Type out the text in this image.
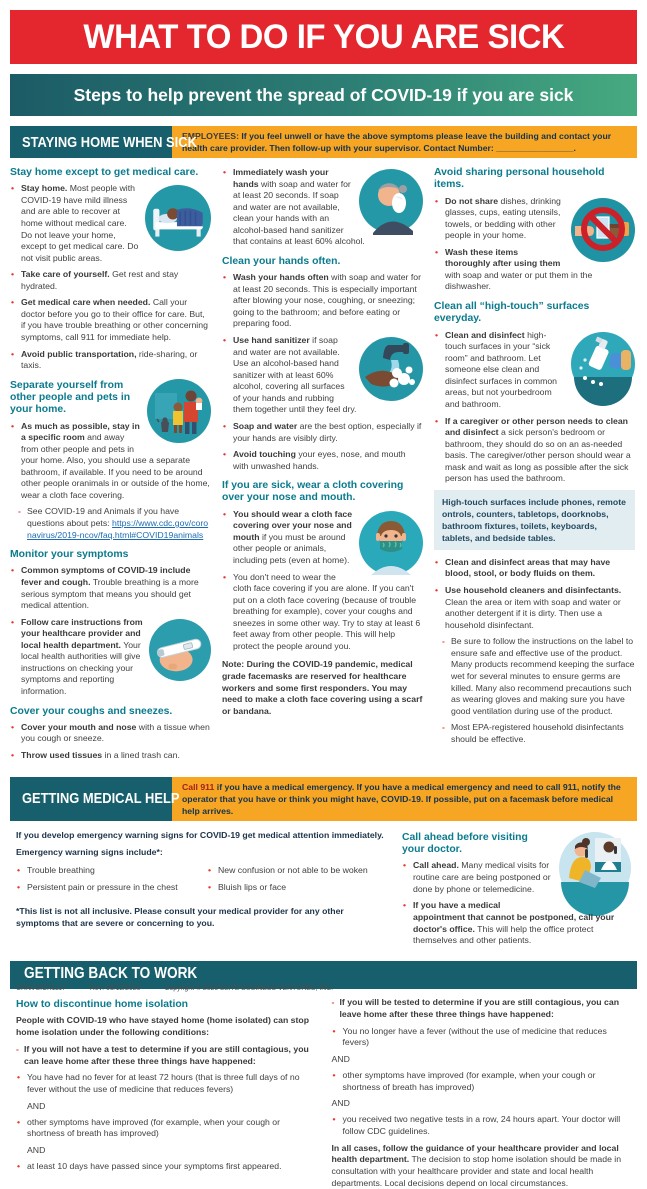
WHAT TO DO IF YOU ARE SICK
Steps to help prevent the spread of COVID-19 if you are sick
STAYING HOME WHEN SICK

EMPLOYEES: If you feel unwell or have the above symptoms please leave the building and contact your health care provider. Then follow-up with your supervisor. Contact Number: ________________.

Stay home except to get medical care.
• Stay home. Most people with COVID-19 have mild illness and are able to recover at home without medical care. Do not leave your home, except to get medical care. Do not visit public areas.
• Take care of yourself. Get rest and stay hydrated.
• Get medical care when needed. Call your doctor before you go to their office for care. But, if you have trouble breathing or other concerning symptoms, call 911 for immediate help.
• Avoid public transportation, ride-sharing, or taxis.
Separate yourself from other people and pets in your home.
• As much as possible, stay in a specific room and away from other people and pets in your home. Also, you should use a separate bathroom, if available. If you need to be around other people oranimals in or outside of the home, wear a cloth face covering.

- See COVID-19 and Animals if you have questions about pets: https://www.cdc.gov/coronavirus/2019-ncov/faq.html#COVID19animals

Monitor your symptoms
• Common symptoms of COVID-19 include fever and cough. Trouble breathing is a more serious symptom that means you should get medical attention.
• Follow care instructions from your healthcare provider and local health department. Your local health authorities will give instructions on checking your symptoms and reporting information.
Cover your coughs and sneezes.
• Cover your mouth and nose with a tissue when you cough or sneeze.
• Throw used tissues in a lined trash can.
• Immediately wash your hands with soap and water for at least 20 seconds. If soap and water are not available, clean your hands with an alcohol-based hand sanitizer that contains at least 60% alcohol.
Clean your hands often.
• Wash your hands often with soap and water for at least 20 seconds. This is especially important after blowing your nose, coughing, or sneezing; going to the bathroom; and before eating or preparing food.
• Use hand sanitizer if soap and water are not available. Use an alcohol-based hand sanitizer with at least 60% alcohol, covering all surfaces of your hands and rubbing them together until they feel dry.
• Soap and water are the best option, especially if your hands are visibly dirty.
• Avoid touching your eyes, nose, and mouth with unwashed hands.
If you are sick, wear a cloth covering over your nose and mouth.
• You should wear a cloth face covering over your nose and mouth if you must be around other people or animals, including pets (even at home).
• You don't need to wear the cloth face covering if you are alone. If you can't put on a cloth face covering (because of trouble breathing for example), cover your coughs and sneezes in some other way. Try to stay at least 6 feet away from other people. This will help protect the people around you.

Note: During the COVID-19 pandemic, medical grade facemasks are reserved for healthcare workers and some first responders. You may need to make a cloth face covering using a scarf or bandana.

Avoid sharing personal household items.
• Do not share dishes, drinking glasses, cups, eating utensils, towels, or bedding with other people in your home.
• Wash these items thoroughly after using them with soap and water or put them in the dishwasher.
Clean all “high-touch” surfaces everyday.
• Clean and disinfect high-touch surfaces in your “sick room” and bathroom. Let someone else clean and disinfect surfaces in common areas, but not yourbedroom and bathroom.
• If a caregiver or other person needs to clean and disinfect a sick person's bedroom or bathroom, they should do so on an as-needed basis. The caregiver/other person should wear a mask and wait as long as possible after the sick person has used the bathroom.
High-touch surfaces include phones, remote ontrols, counters, tabletops, doorknobs, bathroom fixtures, toilets, keyboards, tablets, and bedside tables.
• Clean and disinfect areas that may have blood, stool, or body fluids on them.
• Use household cleaners and disinfectants. Clean the area or item with soap and water or another detergent if it is dirty. Then use a household disinfectant.

- Be sure to follow the instructions on the label to ensure safe and effective use of the product. Many products recommend keeping the surface wet for several minutes to ensure germs are killed. Many also recommend precautions such as wearing gloves and making sure you have good ventilation during use of the product.

- Most EPA-registered household disinfectants should be effective.

GETTING MEDICAL HELP

Call 911 if you have a medical emergency. If you have a medical emergency and need to call 911, notify the operator that you have or think you might have, COVID-19. If possible, put on a facemask before medical help arrives.

If you develop emergency warning signs for COVID-19 get medical attention immediately.

Emergency warning signs include*:

• Trouble breathing
• Persistent pain or pressure in the chest
• New confusion or not able to be woken
• Bluish lips or face

*This list is not all inclusive. Please consult your medical provider for any other symptoms that are severe or concerning to you.

Call ahead before visiting your doctor.
• Call ahead. Many medical visits for routine care are being postponed or done by phone or telemedicine.
• If you have a medical appointment that cannot be postponed, call your doctor's office. This will help the office protect themselves and other patients.
GETTING BACK TO WORK
How to discontinue home isolation

People with COVID-19 who have stayed home (home isolated) can stop home isolation under the following conditions:

- If you will not have a test to determine if you are still contagious, you can leave home after these three things have happened:

• You have had no fever for at least 72 hours (that is three full days of no fever without the use of medicine that reduces fevers)

AND

• other symptoms have improved (for example, when your cough or shortness of breath has improved)

AND

• at least 10 days have passed since your symptoms first appeared.

- If you will be tested to determine if you are still contagious, you can leave home after these three things have happened:

• You no longer have a fever (without the use of medicine that reduces fevers)

AND

• other symptoms have improved (for example, when your cough or shortness of breath has improved)

AND

• you received two negative tests in a row, 24 hours apart. Your doctor will follow CDC guidelines.

In all cases, follow the guidance of your healthcare provider and local health department. The decision to stop home isolation should be made in consultation with your healthcare provider and state and local health departments. Local decisions depend on local circumstances.

CRNVSICK1117	Rev: 05/12/2020	Copyright © 2020 ELITE BUSINESS VENTURES, INC.
